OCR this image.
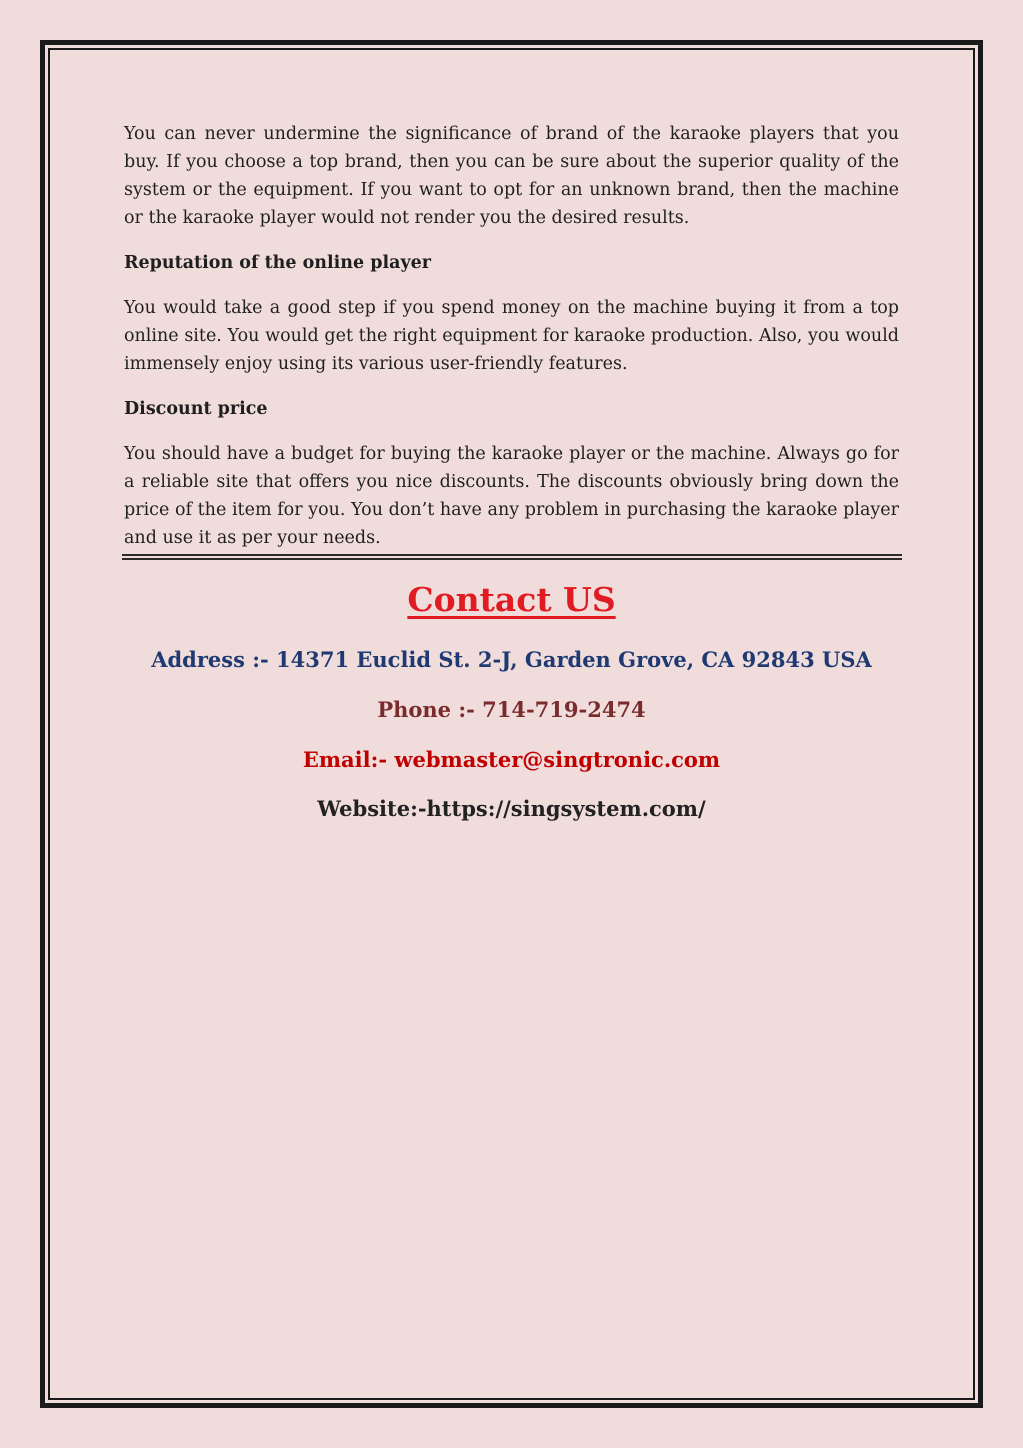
You can never undermine the significance of brand of the karaoke players that you buy. If you choose a top brand, then you can be sure about the superior quality of the system or the equipment. If you want to opt for an unknown brand, then the machine or the karaoke player would not render you the desired results.

Reputation of the online player

You would take a good step if you spend money on the machine buying it from a top online site. You would get the right equipment for karaoke production. Also, you would immensely enjoy using its various user-friendly features.

Discount price

You should have a budget for buying the karaoke player or the machine. Always go for a reliable site that offers you nice discounts. The discounts obviously bring down the price of the item for you. You don’t have any problem in purchasing the karaoke player and use it as per your needs.

Contact US

Address :- 14371 Euclid St. 2-J, Garden Grove, CA 92843 USA

Phone :- 714-719-2474

Email:- webmaster@singtronic.com

Website:-https://singsystem.com/
